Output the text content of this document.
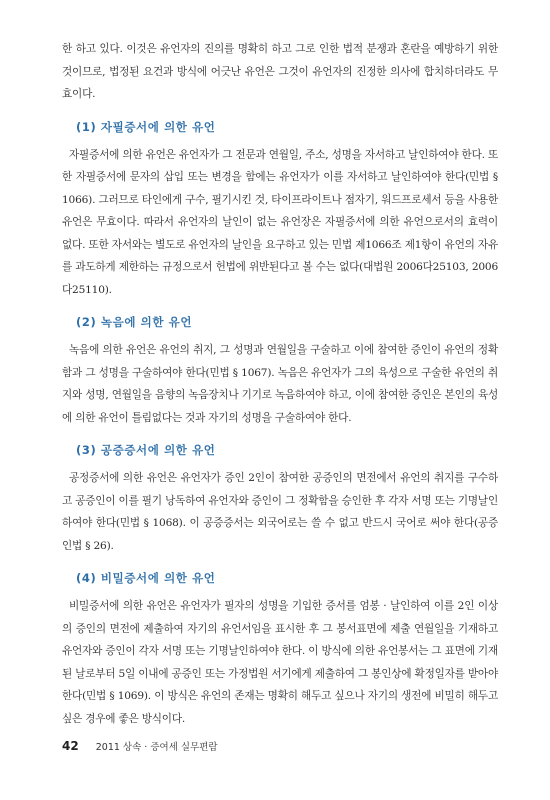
한 하고 있다. 이것은 유언자의 진의를 명확히 하고 그로 인한 법적 분쟁과 혼란을 예방하기 위한 것이므로, 법정된 요건과 방식에 어긋난 유언은 그것이 유언자의 진정한 의사에 합치하더라도 무효이다.

(1) 자필증서에 의한 유언

자필증서에 의한 유언은 유언자가 그 전문과 연월일, 주소, 성명을 자서하고 날인하여야 한다. 또한 자필증서에 문자의 삽입 또는 변경을 함에는 유언자가 이를 자서하고 날인하여야 한다(민법 § 1066). 그러므로 타인에게 구수, 필기시킨 것, 타이프라이트나 점자기, 워드프로세서 등을 사용한 유언은 무효이다. 따라서 유언자의 날인이 없는 유언장은 자필증서에 의한 유언으로서의 효력이 없다. 또한 자서와는 별도로 유언자의 날인을 요구하고 있는 민법 제1066조 제1항이 유언의 자유를 과도하게 제한하는 규정으로서 헌법에 위반된다고 볼 수는 없다(대법원 2006다25103, 2006다25110).

(2) 녹음에 의한 유언

녹음에 의한 유언은 유언의 취지, 그 성명과 연월일을 구술하고 이에 참여한 증인이 유언의 정확함과 그 성명을 구술하여야 한다(민법 § 1067). 녹음은 유언자가 그의 육성으로 구술한 유언의 취지와 성명, 연월일을 음향의 녹음장치나 기기로 녹음하여야 하고, 이에 참여한 증인은 본인의 육성에 의한 유언이 틀림없다는 것과 자기의 성명을 구술하여야 한다.

(3) 공증증서에 의한 유언

공정증서에 의한 유언은 유언자가 증인 2인이 참여한 공증인의 면전에서 유언의 취지를 구수하고 공증인이 이를 필기 낭독하여 유언자와 증인이 그 정확함을 승인한 후 각자 서명 또는 기명날인하여야 한다(민법 § 1068). 이 공증증서는 외국어로는 쓸 수 없고 반드시 국어로 써야 한다(공증인법 § 26).

(4) 비밀증서에 의한 유언

비밀증서에 의한 유언은 유언자가 필자의 성명을 기입한 증서를 엄봉 · 날인하여 이를 2인 이상의 증인의 면전에 제출하여 자기의 유언서임을 표시한 후 그 봉서표면에 제출 연월일을 기재하고 유언자와 증인이 각자 서명 또는 기명날인하여야 한다. 이 방식에 의한 유언봉서는 그 표면에 기재된 날로부터 5일 이내에 공증인 또는 가정법원 서기에게 제출하여 그 봉인상에 확정일자를 받아야 한다(민법 § 1069). 이 방식은 유언의 존재는 명확히 해두고 싶으나 자기의 생전에 비밀히 해두고 싶은 경우에 좋은 방식이다.

42 2011 상속 · 증여세 실무편람
